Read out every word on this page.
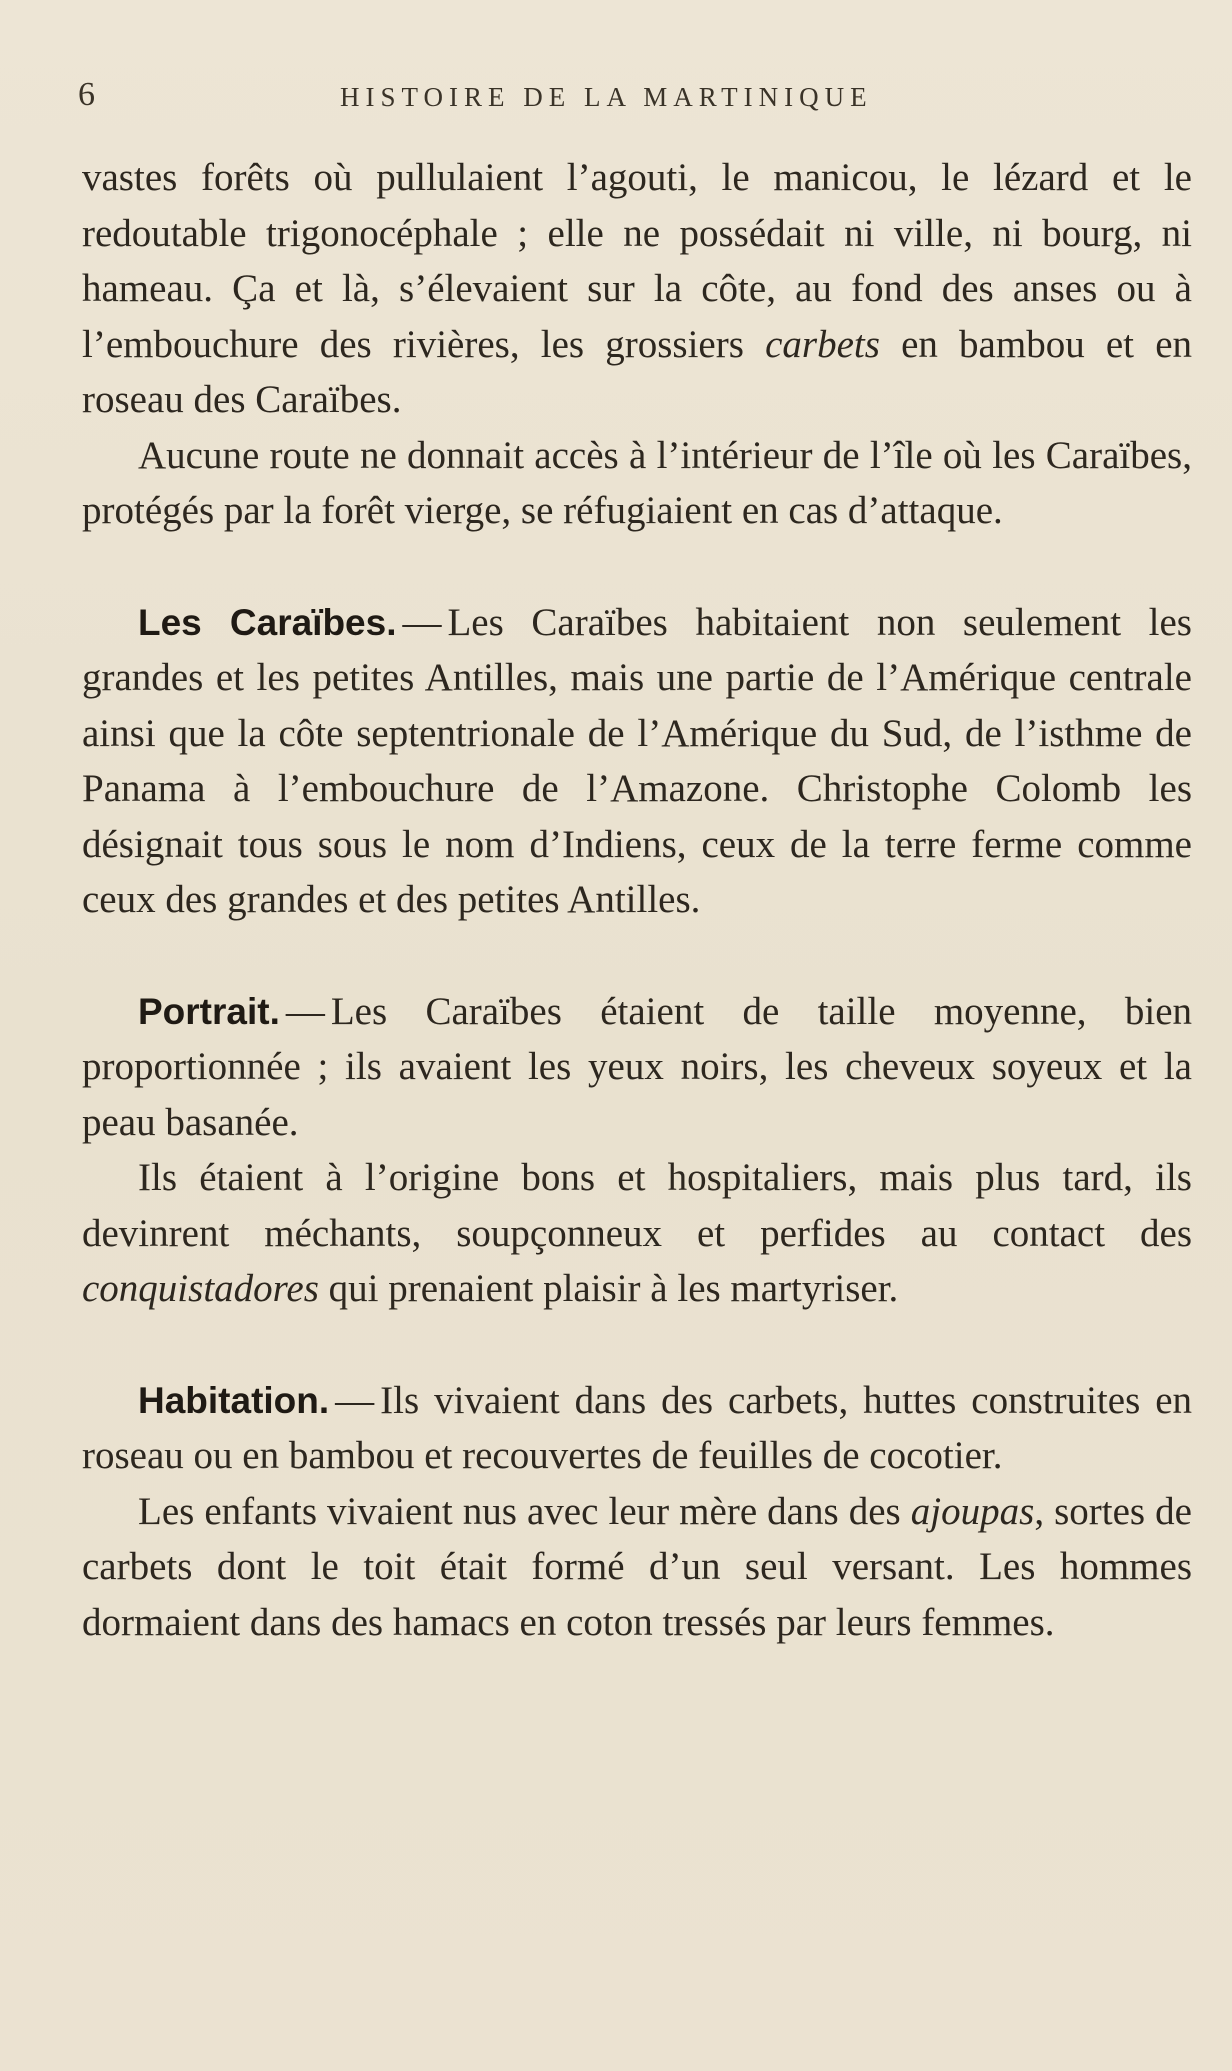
6	HISTOIRE DE LA MARTINIQUE

vastes forêts où pullulaient l’agouti, le manicou, le lézard et le redoutable trigonocéphale ; elle ne possédait ni ville, ni bourg, ni hameau. Ça et là, s’élevaient sur la côte, au fond des anses ou à l’embouchure des rivières, les grossiers carbets en bambou et en roseau des Caraïbes.

Aucune route ne donnait accès à l’intérieur de l’île où les Caraïbes, protégés par la forêt vierge, se réfugiaient en cas d’attaque.

Les Caraïbes. — Les Caraïbes habitaient non seulement les grandes et les petites Antilles, mais une partie de l’Amérique centrale ainsi que la côte septentrionale de l’Amérique du Sud, de l’isthme de Panama à l’embouchure de l’Amazone. Christophe Colomb les désignait tous sous le nom d’Indiens, ceux de la terre ferme comme ceux des grandes et des petites Antilles.

Portrait. — Les Caraïbes étaient de taille moyenne, bien proportionnée ; ils avaient les yeux noirs, les cheveux soyeux et la peau basanée.

Ils étaient à l’origine bons et hospitaliers, mais plus tard, ils devinrent méchants, soupçonneux et perfides au contact des conquistadores qui prenaient plaisir à les martyriser.

Habitation. — Ils vivaient dans des carbets, huttes construites en roseau ou en bambou et recouvertes de feuilles de cocotier.

Les enfants vivaient nus avec leur mère dans des ajoupas, sortes de carbets dont le toit était formé d’un seul versant. Les hommes dormaient dans des hamacs en coton tressés par leurs femmes.
